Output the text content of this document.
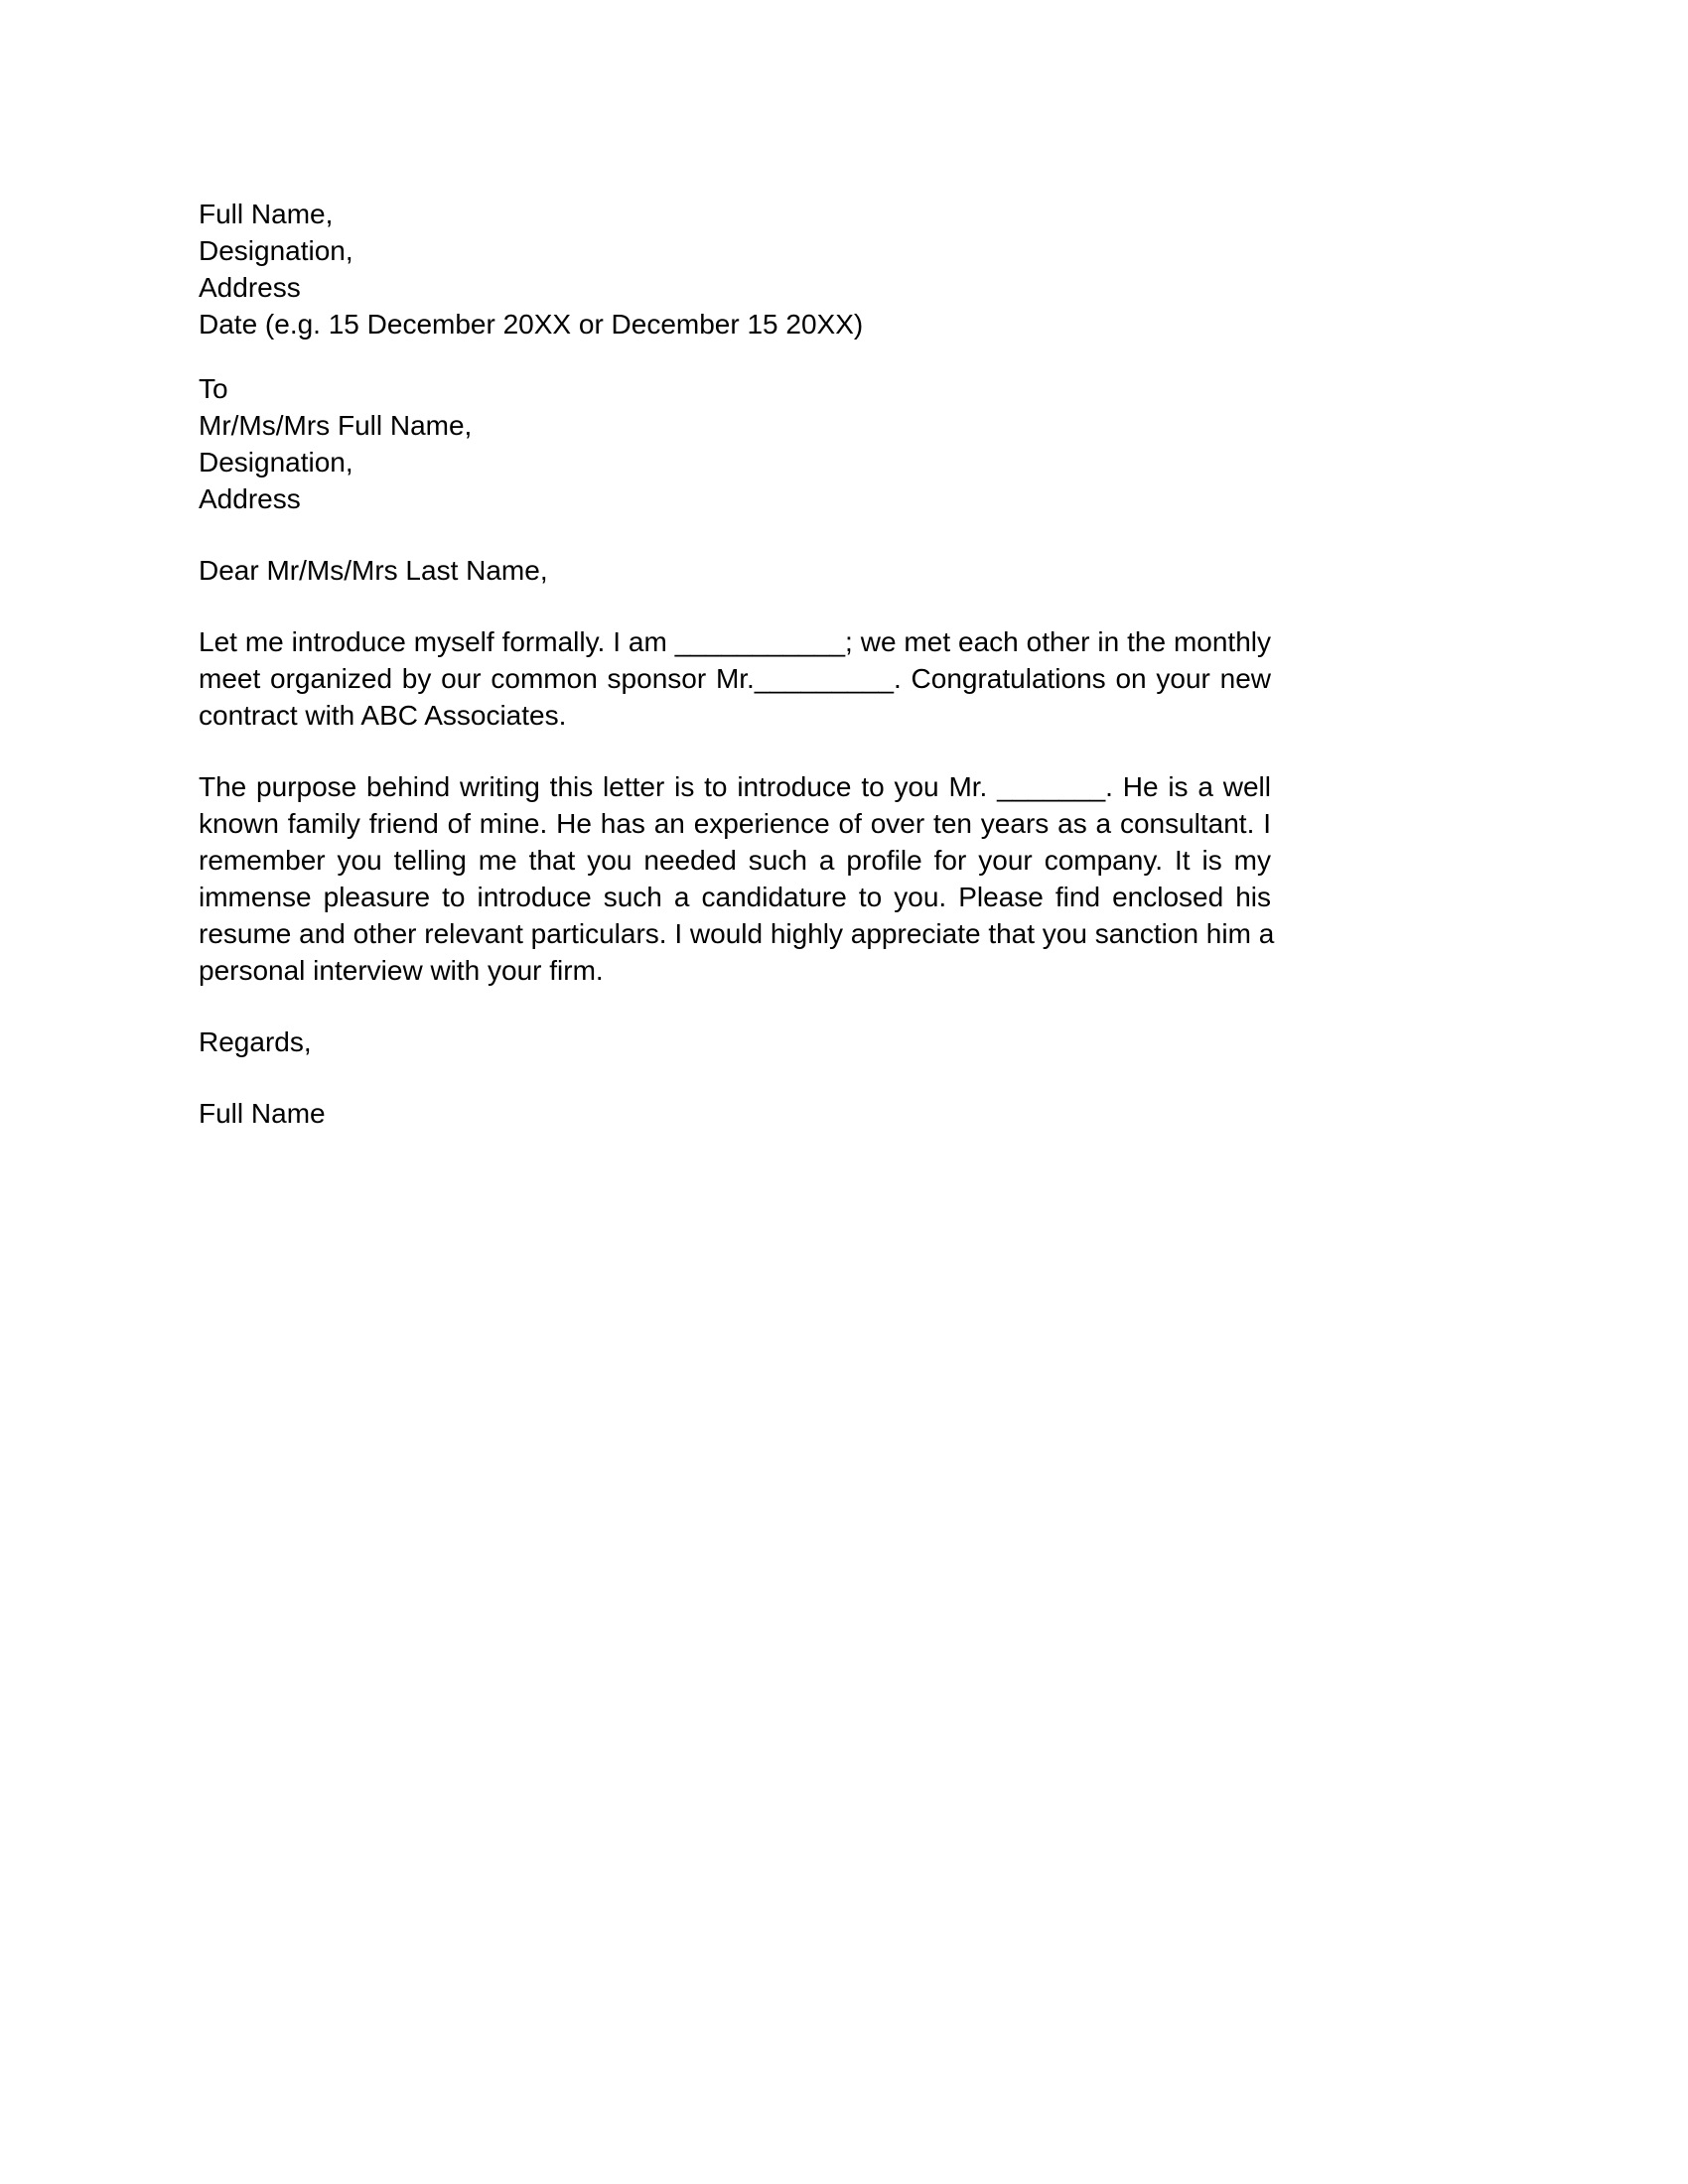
Full Name,
Designation,
Address
Date (e.g. 15 December 20XX or December 15 20XX)
To
Mr/Ms/Mrs Full Name,
Designation,
Address
Dear Mr/Ms/Mrs Last Name,
Let me introduce myself formally. I am ___________; we met each other in the monthly
meet organized by our common sponsor Mr._________. Congratulations on your new
contract with ABC Associates.
The purpose behind writing this letter is to introduce to you Mr. _______. He is a well
known family friend of mine. He has an experience of over ten years as a consultant. I
remember you telling me that you needed such a profile for your company. It is my
immense pleasure to introduce such a candidature to you. Please find enclosed his
resume and other relevant particulars. I would highly appreciate that you sanction him a
personal interview with your firm.
Regards,
Full Name
